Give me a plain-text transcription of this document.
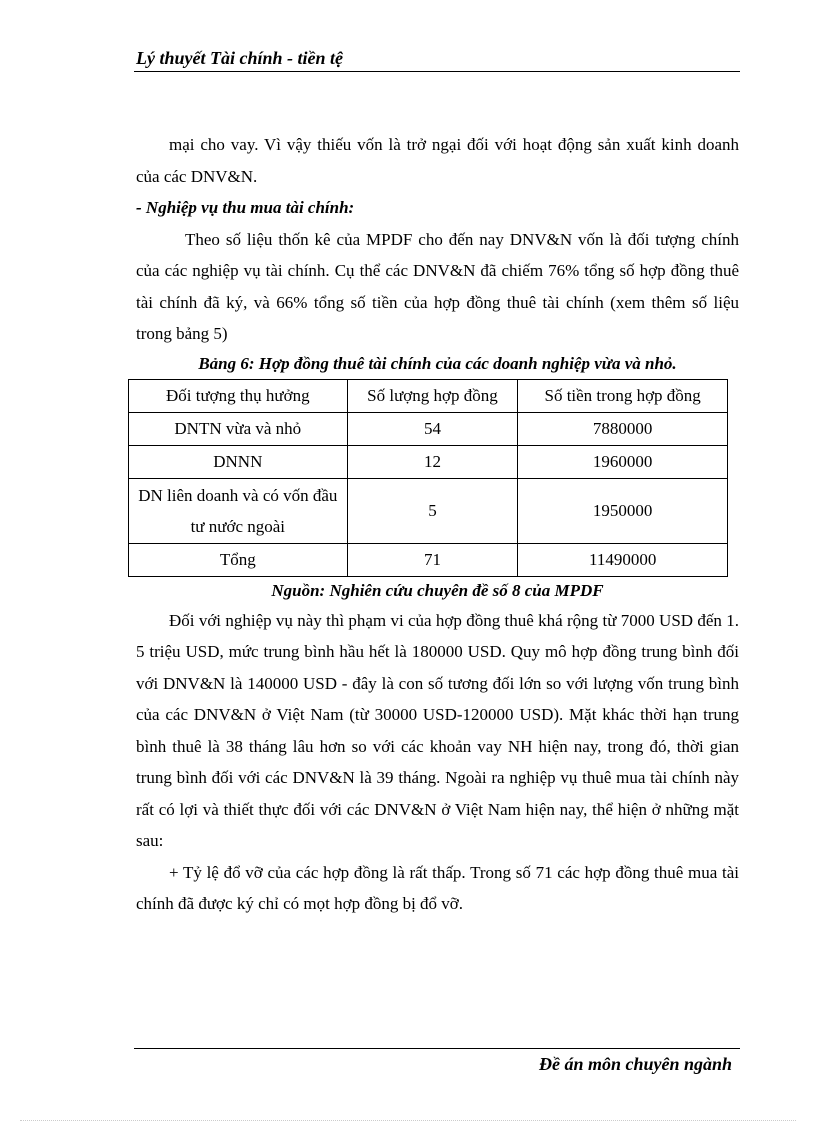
Lý thuyết Tài chính - tiền tệ

mại cho vay. Vì vậy thiếu vốn là trở ngại đối với hoạt động sản xuất kinh doanh của các DNV&N.

- Nghiệp vụ thu mua tài chính:

Theo số liệu thốn kê của MPDF cho đến nay DNV&N vốn là đối tượng chính của các nghiệp vụ tài chính. Cụ thể các DNV&N đã chiếm 76% tổng số hợp đồng thuê tài chính đã ký, và 66% tổng số tiền của hợp đồng thuê tài chính (xem thêm số liệu trong bảng 5)

Bảng 6: Hợp đồng thuê tài chính của các doanh nghiệp vừa và nhỏ.

Đối tượng thụ hưởng	Số lượng hợp đồng	Số tiền trong hợp đồng
DNTN vừa và nhỏ	54	7880000
DNNN	12	1960000
DN liên doanh và có vốn đầu tư nước ngoài	5	1950000
Tổng	71	11490000

Nguồn: Nghiên cứu chuyên đề số 8 của MPDF

Đối với nghiệp vụ này thì phạm vi của hợp đồng thuê khá rộng từ 7000 USD đến 1. 5 triệu USD, mức trung bình hầu hết là 180000 USD. Quy mô hợp đồng trung bình đối với DNV&N là 140000 USD - đây là con số tương đối lớn so với lượng vốn trung bình của các DNV&N ở Việt Nam (từ 30000 USD-120000 USD). Mặt khác thời hạn trung bình thuê là 38 tháng lâu hơn so với các khoản vay NH hiện nay, trong đó, thời gian trung bình đối với các DNV&N là 39 tháng. Ngoài ra nghiệp vụ thuê mua tài chính này rất có lợi và thiết thực đối với các DNV&N ở Việt Nam hiện nay, thể hiện ở những mặt sau:

+ Tỷ lệ đổ vỡ của các hợp đồng là rất thấp. Trong số 71 các hợp đồng thuê mua tài chính đã được ký chỉ có mọt hợp đồng bị đổ vỡ.

Đề án môn chuyên ngành
